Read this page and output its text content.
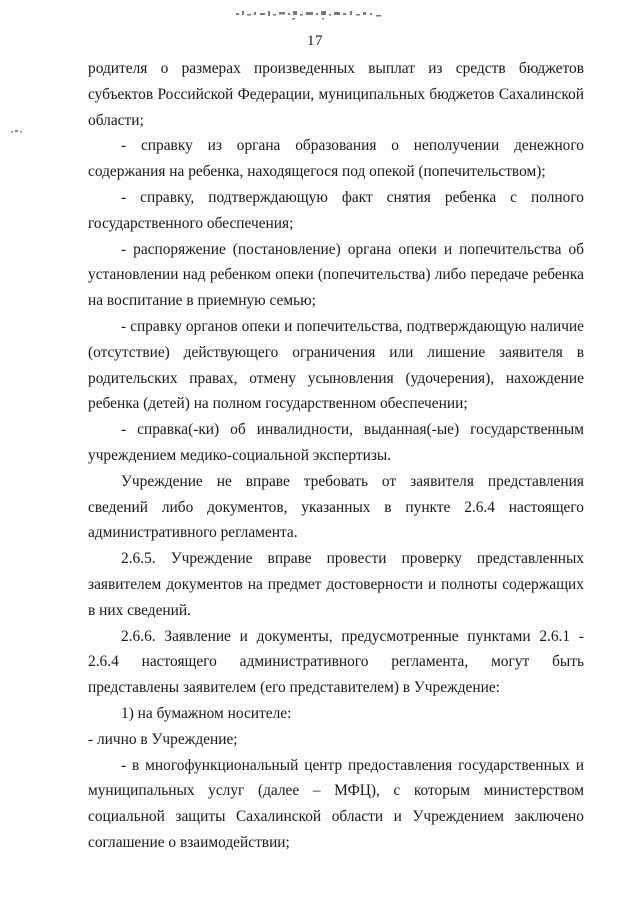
17

родителя о размерах произведенных выплат из средств бюджетов субъектов Российской Федерации, муниципальных бюджетов Сахалинской области;

- справку из органа образования о неполучении денежного содержания на ребенка, находящегося под опекой (попечительством);

- справку, подтверждающую факт снятия ребенка с полного государственного обеспечения;

- распоряжение (постановление) органа опеки и попечительства об установлении над ребенком опеки (попечительства) либо передаче ребенка на воспитание в приемную семью;

- справку органов опеки и попечительства, подтверждающую наличие (отсутствие) действующего ограничения или лишение заявителя в родительских правах, отмену усыновления (удочерения), нахождение ребенка (детей) на полном государственном обеспечении;

- справка(-ки) об инвалидности, выданная(-ые) государственным учреждением медико-социальной экспертизы.

Учреждение не вправе требовать от заявителя представления сведений либо документов, указанных в пункте 2.6.4 настоящего административного регламента.

2.6.5. Учреждение вправе провести проверку представленных заявителем документов на предмет достоверности и полноты содержащих в них сведений.

2.6.6. Заявление и документы, предусмотренные пунктами 2.6.1 - 2.6.4 настоящего административного регламента, могут быть представлены заявителем (его представителем) в Учреждение:

1) на бумажном носителе:

- лично в Учреждение;

- в многофункциональный центр предоставления государственных и муниципальных услуг (далее – МФЦ), с которым министерством социальной защиты Сахалинской области и Учреждением заключено соглашение о взаимодействии;
